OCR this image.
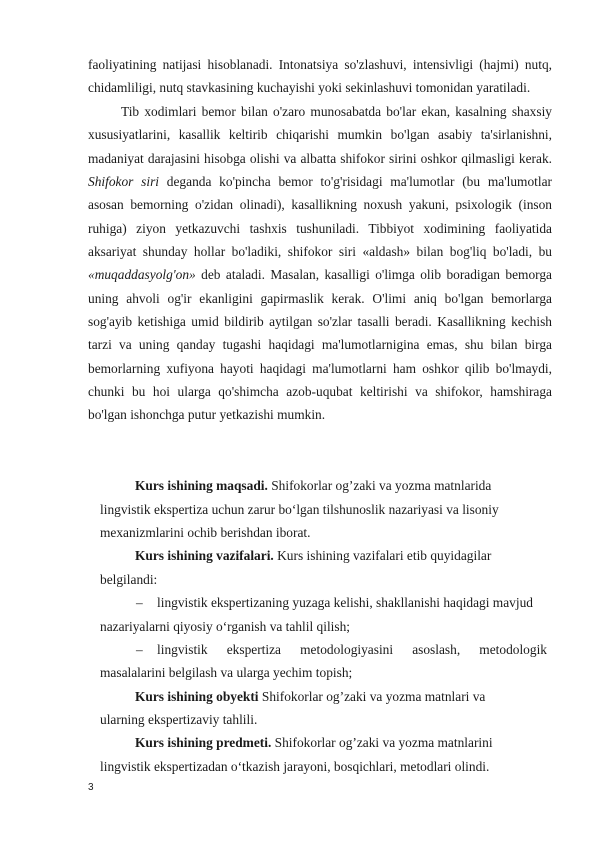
faoliyatining natijasi hisoblanadi. Intonatsiya so'zlashuvi, intensivligi (hajmi) nutq, chidamliligi, nutq stavkasining kuchayishi yoki sekinlashuvi tomonidan yaratiladi.

Tib xodimlari bemor bilan o'zaro munosabatda bo'lar ekan, kasalning shaxsiy xususiyatlarini, kasallik keltirib chiqarishi mumkin bo'lgan asabiy ta'sirlanishni, madaniyat darajasini hisobga olishi va albatta shifokor sirini oshkor qilmasligi kerak. Shifokor siri deganda ko'pincha bemor to'g'risidagi ma'lumotlar (bu ma'lumotlar asosan bemorning o'zidan olinadi), kasallikning noxush yakuni, psixologik (inson ruhiga) ziyon yetkazuvchi tashxis tushuniladi. Tibbiyot xodimining faoliyatida aksariyat shunday hollar bo'ladiki, shifokor siri «aldash» bilan bog'liq bo'ladi, bu «muqaddasyolg'on» deb ataladi. Masalan, kasalligi o'limga olib boradigan bemorga uning ahvoli og'ir ekanligini gapirmaslik kerak. O'limi aniq bo'lgan bemorlarga sog'ayib ketishiga umid bildirib aytilgan so'zlar tasalli beradi. Kasallikning kechish tarzi va uning qanday tugashi haqidagi ma'lumotlarnigina emas, shu bilan birga bemorlarning xufiyona hayoti haqidagi ma'lumotlarni ham oshkor qilib bo'lmaydi, chunki bu hoi ularga qo'shimcha azob-uqubat keltirishi va shifokor, hamshiraga bo'lgan ishonchga putur yetkazishi mumkin.

Kurs ishining maqsadi. Shifokorlar og’zaki va yozma matnlarida
lingvistik ekspertiza uchun zarur bo‘lgan tilshunoslik nazariyasi va lisoniy
mexanizmlarini ochib berishdan iborat.
Kurs ishining vazifalari. Kurs ishining vazifalari etib quyidagilar
belgilandi:
– lingvistik ekspertizaning yuzaga kelishi, shakllanishi haqidagi mavjud
nazariyalarni qiyosiy o‘rganish va tahlil qilish;
– lingvistik ekspertiza metodologiyasini asoslash, metodologik
masalalarini belgilash va ularga yechim topish;
Kurs ishining obyekti Shifokorlar og’zaki va yozma matnlari va
ularning ekspertizaviy tahlili.
Kurs ishining predmeti. Shifokorlar og’zaki va yozma matnlarini
lingvistik ekspertizadan o‘tkazish jarayoni, bosqichlari, metodlari olindi.
3
